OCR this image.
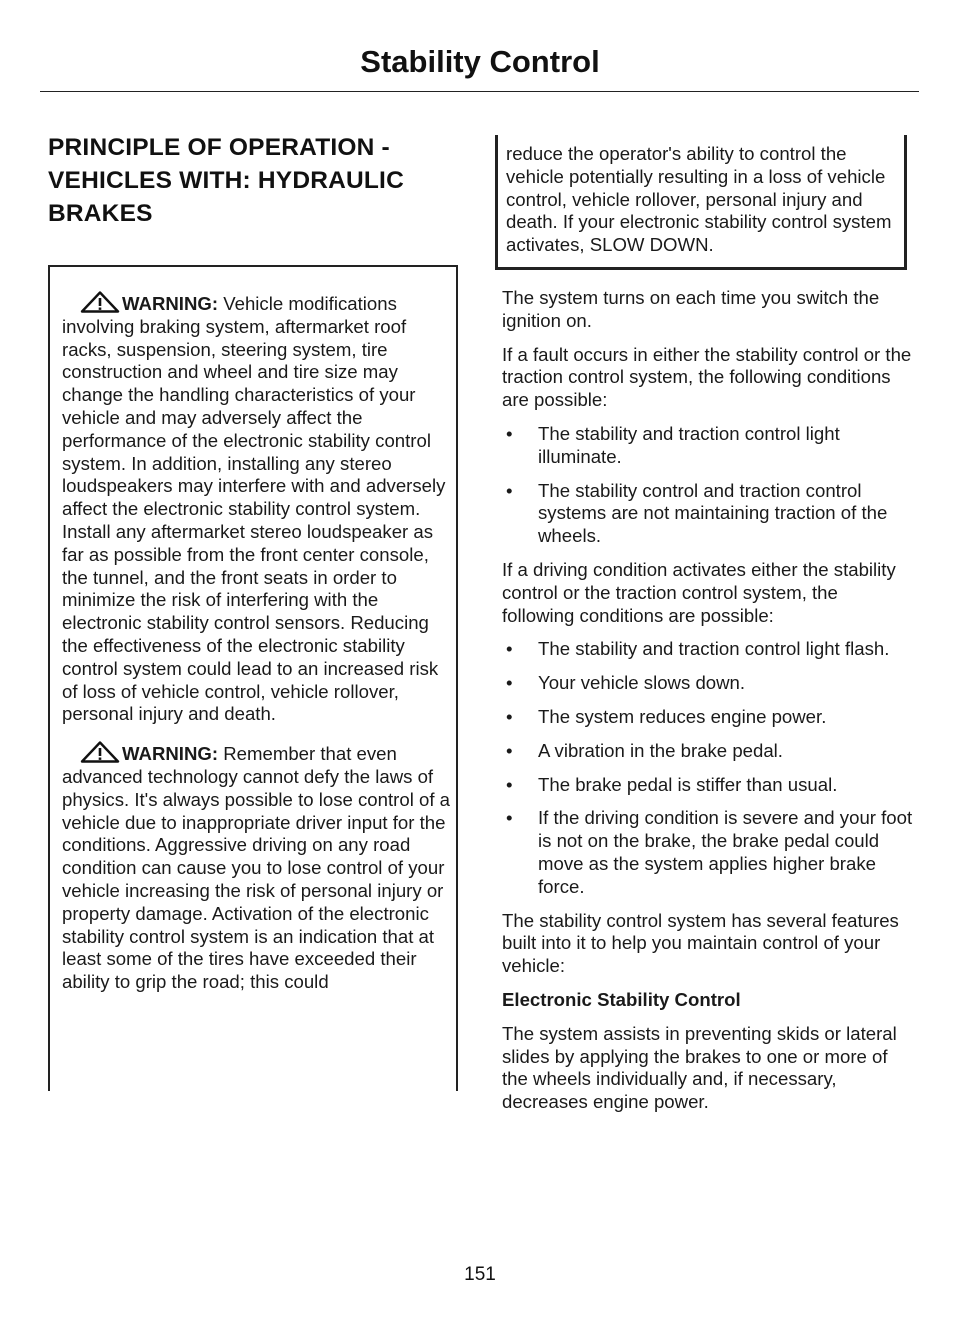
Stability Control
PRINCIPLE OF OPERATION -
VEHICLES WITH: HYDRAULIC
BRAKES

WARNING: Vehicle modifications involving braking system, aftermarket roof racks, suspension, steering system, tire construction and wheel and tire size may change the handling characteristics of your vehicle and may adversely affect the performance of the electronic stability control system. In addition, installing any stereo loudspeakers may interfere with and adversely affect the electronic stability control system. Install any aftermarket stereo loudspeaker as far as possible from the front center console, the tunnel, and the front seats in order to minimize the risk of interfering with the electronic stability control sensors. Reducing the effectiveness of the electronic stability control system could lead to an increased risk of loss of vehicle control, vehicle rollover, personal injury and death.

WARNING: Remember that even advanced technology cannot defy the laws of physics. It's always possible to lose control of a vehicle due to inappropriate driver input for the conditions. Aggressive driving on any road condition can cause you to lose control of your vehicle increasing the risk of personal injury or property damage. Activation of the electronic stability control system is an indication that at least some of the tires have exceeded their ability to grip the road; this could

reduce the operator's ability to control the vehicle potentially resulting in a loss of vehicle control, vehicle rollover, personal injury and death. If your electronic stability control system activates, SLOW DOWN.

The system turns on each time you switch the ignition on.

If a fault occurs in either the stability control or the traction control system, the following conditions are possible:

• The stability and traction control light illuminate.
• The stability control and traction control systems are not maintaining traction of the wheels.

If a driving condition activates either the stability control or the traction control system, the following conditions are possible:

• The stability and traction control light flash.
• Your vehicle slows down.
• The system reduces engine power.
• A vibration in the brake pedal.
• The brake pedal is stiffer than usual.
• If the driving condition is severe and your foot is not on the brake, the brake pedal could move as the system applies higher brake force.

The stability control system has several features built into it to help you maintain control of your vehicle:

Electronic Stability Control

The system assists in preventing skids or lateral slides by applying the brakes to one or more of the wheels individually and, if necessary, decreases engine power.

151
